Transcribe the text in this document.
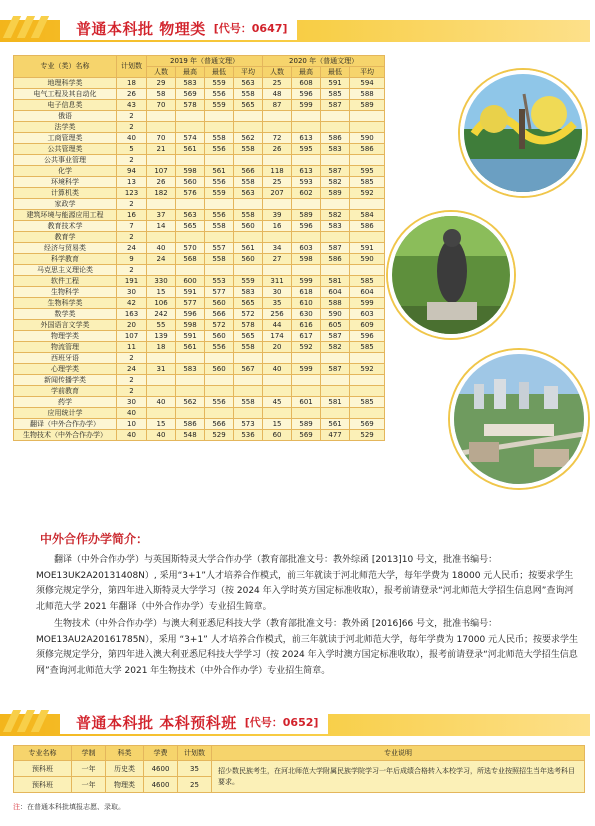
普通本科批 物理类 [代号：0647]
专业（类）名称	计划数	2019 年（普通文理）				2020 年（普通文理）			
		人数	最高	最低	平均	人数	最高	最低	平均
地理科学类	18	29	583	559	563	25	608	591	594
电气工程及其自动化	26	58	569	556	558	48	596	585	588
电子信息类	43	70	578	559	565	87	599	587	589
俄语	2								
法学类	2								
工商管理类	40	70	574	558	562	72	613	586	590
公共管理类	5	21	561	556	558	26	595	583	586
公共事业管理	2								
化学	94	107	598	561	566	118	613	587	595
环境科学	13	26	560	556	558	25	593	582	585
计算机类	123	182	576	559	563	207	602	589	592
家政学	2								
建筑环境与能源应用工程	16	37	563	556	558	39	589	582	584
教育技术学	7	14	565	558	560	16	596	583	586
教育学	2								
经济与贸易类	24	40	570	557	561	34	603	587	591
科学教育	9	24	568	558	560	27	598	586	590
马克思主义理论类	2								
软件工程	191	330	600	553	559	311	599	581	585
生物科学	30	15	591	577	583	30	618	604	604
生物科学类	42	106	577	560	565	35	610	588	599
数学类	163	242	596	566	572	256	630	590	603
外国语言文学类	20	55	598	572	578	44	616	605	609
物理学类	107	139	591	560	565	174	617	587	596
物流管理	11	18	561	556	558	20	592	582	585
西班牙语	2								
心理学类	24	31	583	560	567	40	599	587	592
新闻传播学类	2								
学前教育	2								
药学	30	40	562	556	558	45	601	581	585
应用统计学	40								
翻译（中外合作办学）	10	15	586	566	573	15	589	561	569
生物技术（中外合作办学）	40	40	548	529	536	60	569	477	529
中外合作办学简介：

翻译（中外合作办学）与英国斯特灵大学合作办学（教育部批准文号：教外综函 [2013]10 号文，批准书编号：MOE13UK2A20131408N）, 采用“3+1”人才培养合作模式，前三年就读于河北师范大学，每年学费为 18000 元人民币；按要求学生须修完规定学分，第四年进入斯特灵大学学习（按 2024 年入学时英方国定标准收取），报考前请登录“河北师范大学招生信息网”查询河北师范大学 2021 年翻译（中外合作办学）专业招生简章。

生物技术（中外合作办学）与澳大利亚悉尼科技大学（教育部批准文号：教外函 [2016]66 号文，批准书编号：MOE13AU2A20161785N），采用 “3+1” 人才培养合作模式，前三年就读于河北师范大学，每年学费为 17000 元人民币；按要求学生须修完规定学分，第四年进入澳大利亚悉尼科技大学学习（按 2024 年入学时澳方国定标准收取），报考前请登录“河北师范大学招生信息网”查询河北师范大学 2021 年生物技术（中外合作办学）专业招生简章。

普通本科批 本科预科班 [代号：0652]
专业名称	学制	科类	学费	计划数	专业说明
预科班	一年	历史类	4600	35	招少数民族考生，在河北师范大学附属民族学院学习一年后成绩合格转入本校学习，所选专业按照招生当年选考科目要求。
预科班	一年	物理类	4600	25	
注：在普通本科批填报志愿、录取。
